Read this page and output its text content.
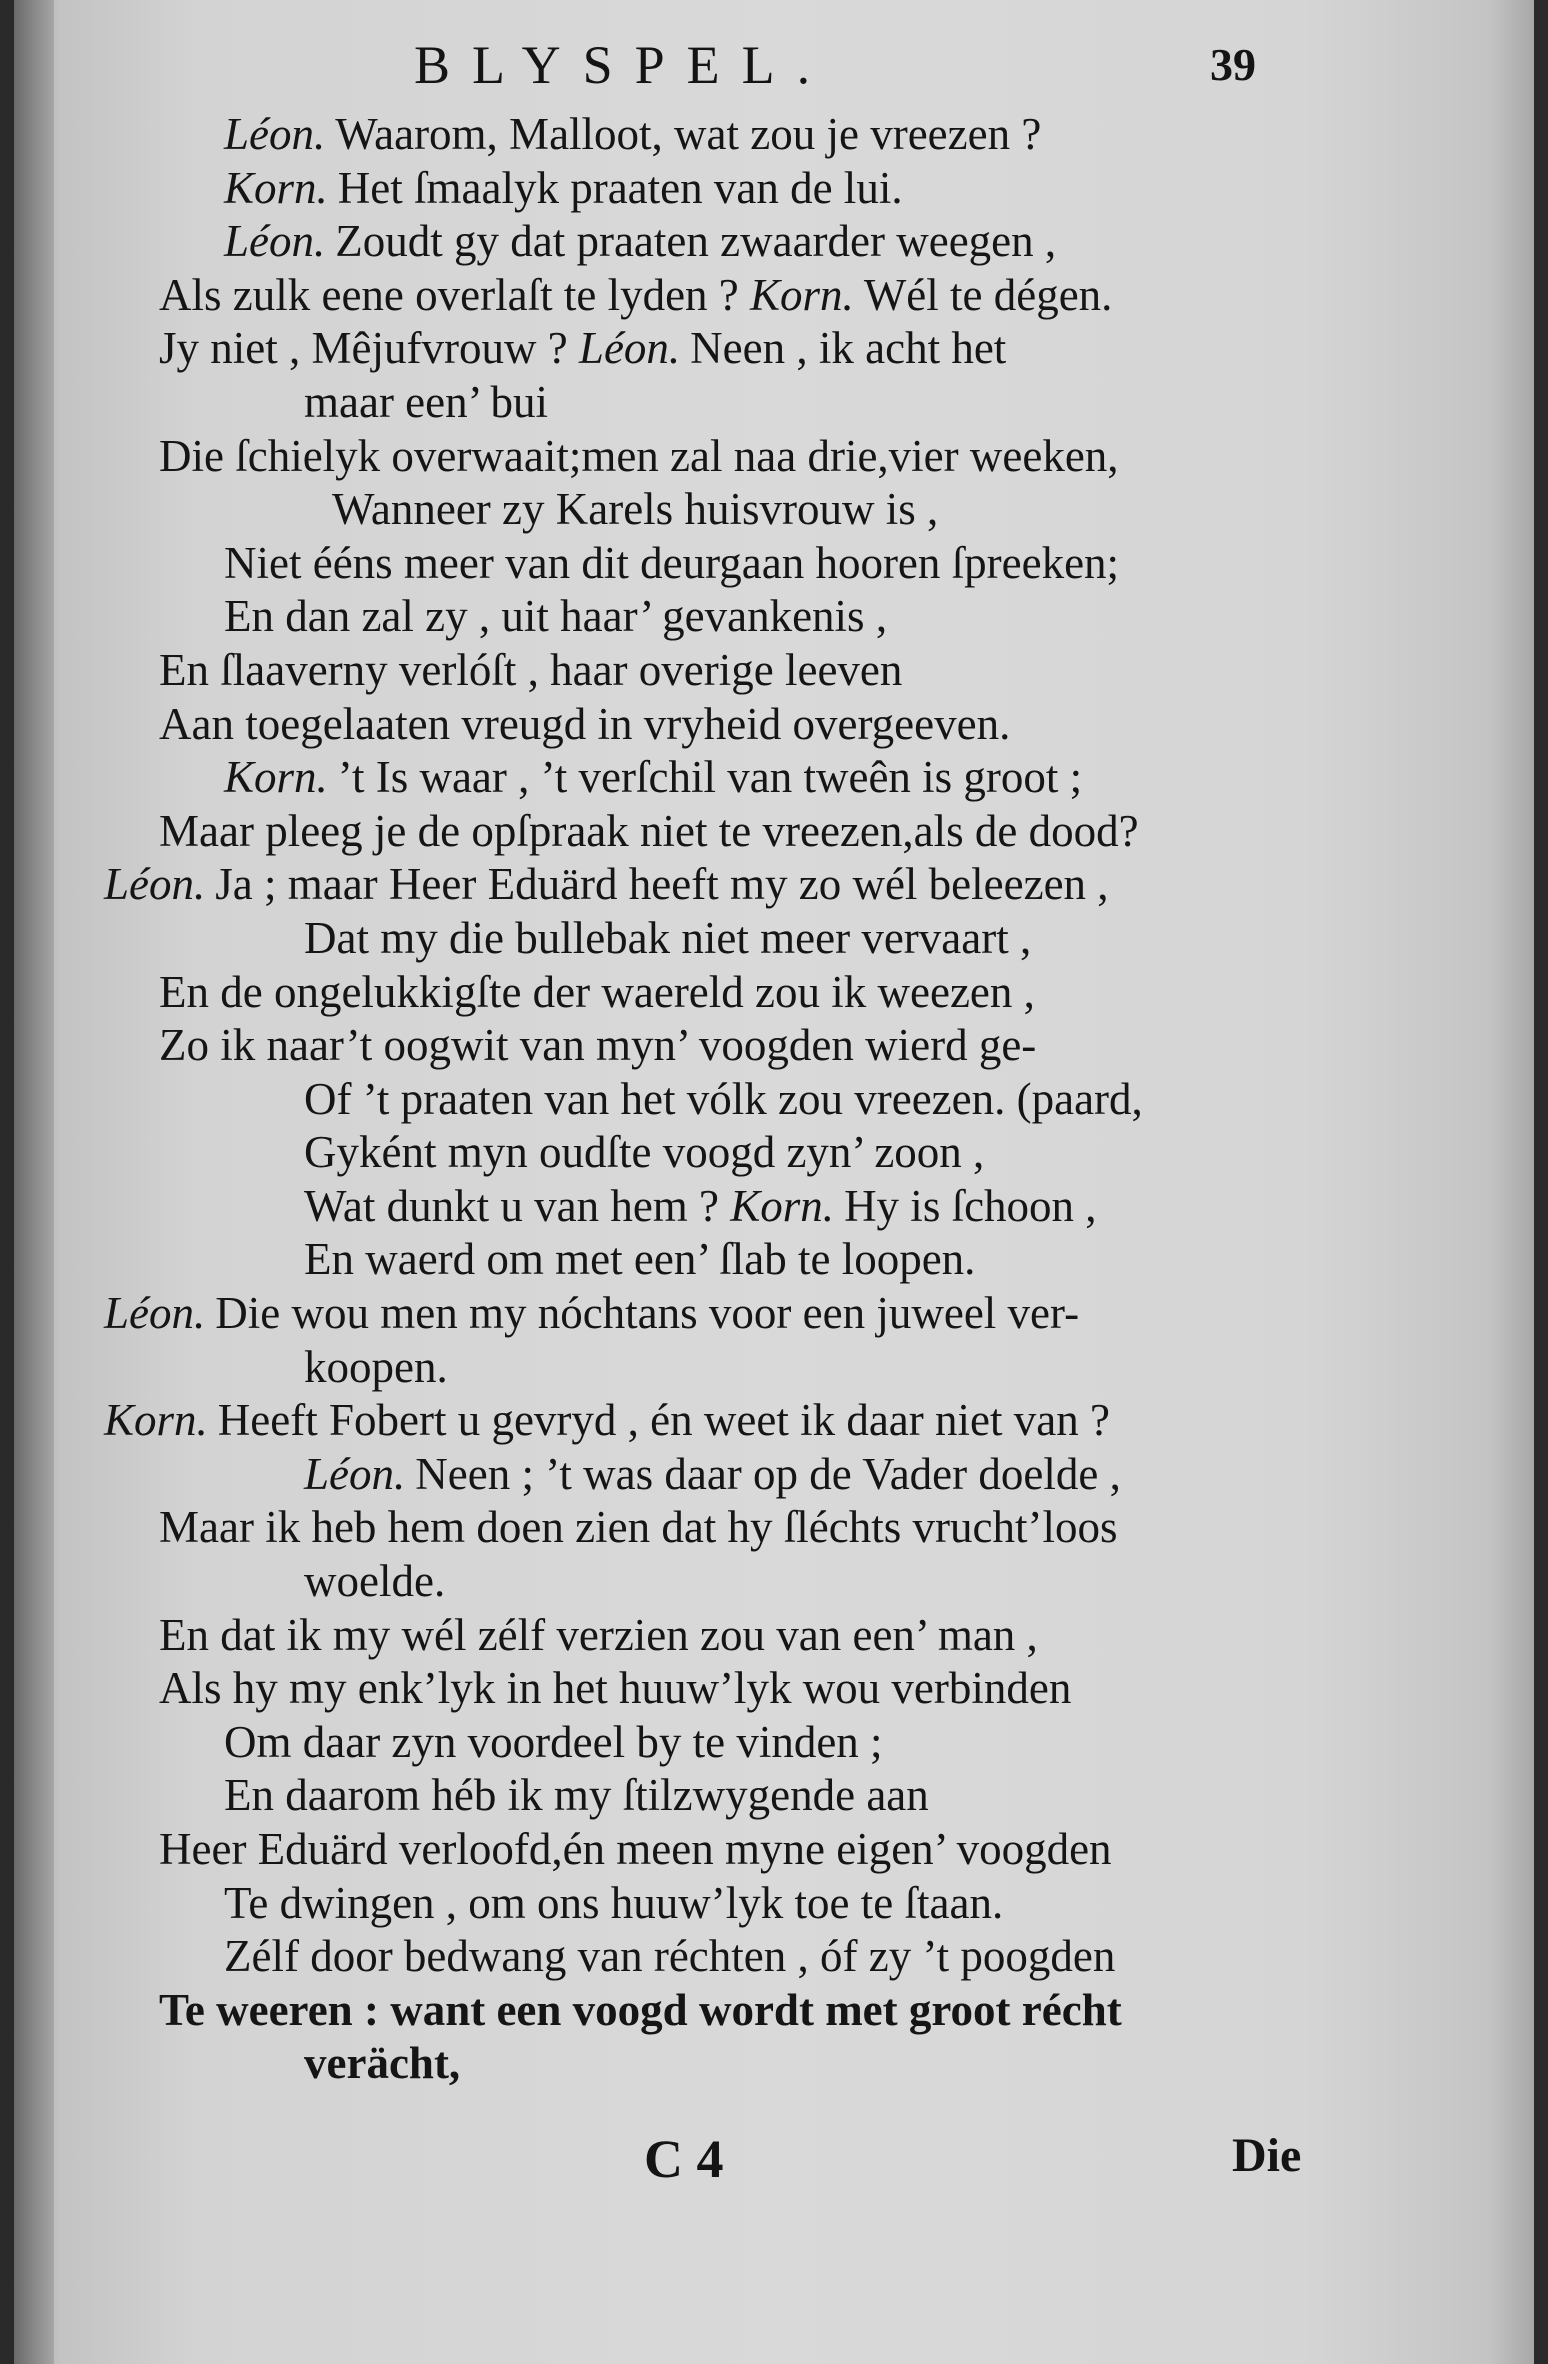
BLYSPEL.	39
Léon. Waarom, Malloot, wat zou je vreezen ?
Korn. Het ſmaalyk praaten van de lui.
Léon. Zoudt gy dat praaten zwaarder weegen ,
Als zulk eene overlaſt te lyden ? Korn. Wél te dégen.
Jy niet , Mêjufvrouw ? Léon. Neen , ik acht het
maar een’ bui
Die ſchielyk overwaait;men zal naa drie,vier weeken,
Wanneer zy Karels huisvrouw is ,
Niet ééns meer van dit deurgaan hooren ſpreeken;
En dan zal zy , uit haar’ gevankenis ,
En ſlaaverny verlóſt , haar overige leeven
Aan toegelaaten vreugd in vryheid overgeeven.
Korn. ’t Is waar , ’t verſchil van tweên is groot ;
Maar pleeg je de opſpraak niet te vreezen,als de dood?
Léon. Ja ; maar Heer Eduärd heeft my zo wél beleezen ,
Dat my die bullebak niet meer vervaart ,
En de ongelukkigſte der waereld zou ik weezen ,
Zo ik naar’t oogwit van myn’ voogden wierd ge-
Of ’t praaten van het vólk zou vreezen. (paard,
Gyként myn oudſte voogd zyn’ zoon ,
Wat dunkt u van hem ? Korn. Hy is ſchoon ,
En waerd om met een’ ſlab te loopen.
Léon. Die wou men my nóchtans voor een juweel ver-
koopen.
Korn. Heeft Fobert u gevryd , én weet ik daar niet van ?
Léon. Neen ; ’t was daar op de Vader doelde ,
Maar ik heb hem doen zien dat hy ſléchts vrucht’loos
woelde.
En dat ik my wél zélf verzien zou van een’ man ,
Als hy my enk’lyk in het huuw’lyk wou verbinden
Om daar zyn voordeel by te vinden ;
En daarom héb ik my ſtilzwygende aan
Heer Eduärd verloofd,én meen myne eigen’ voogden
Te dwingen , om ons huuw’lyk toe te ſtaan.
Zélf door bedwang van réchten , óf zy ’t poogden
Te weeren : want een voogd wordt met groot récht
verächt,
C 4	Die
